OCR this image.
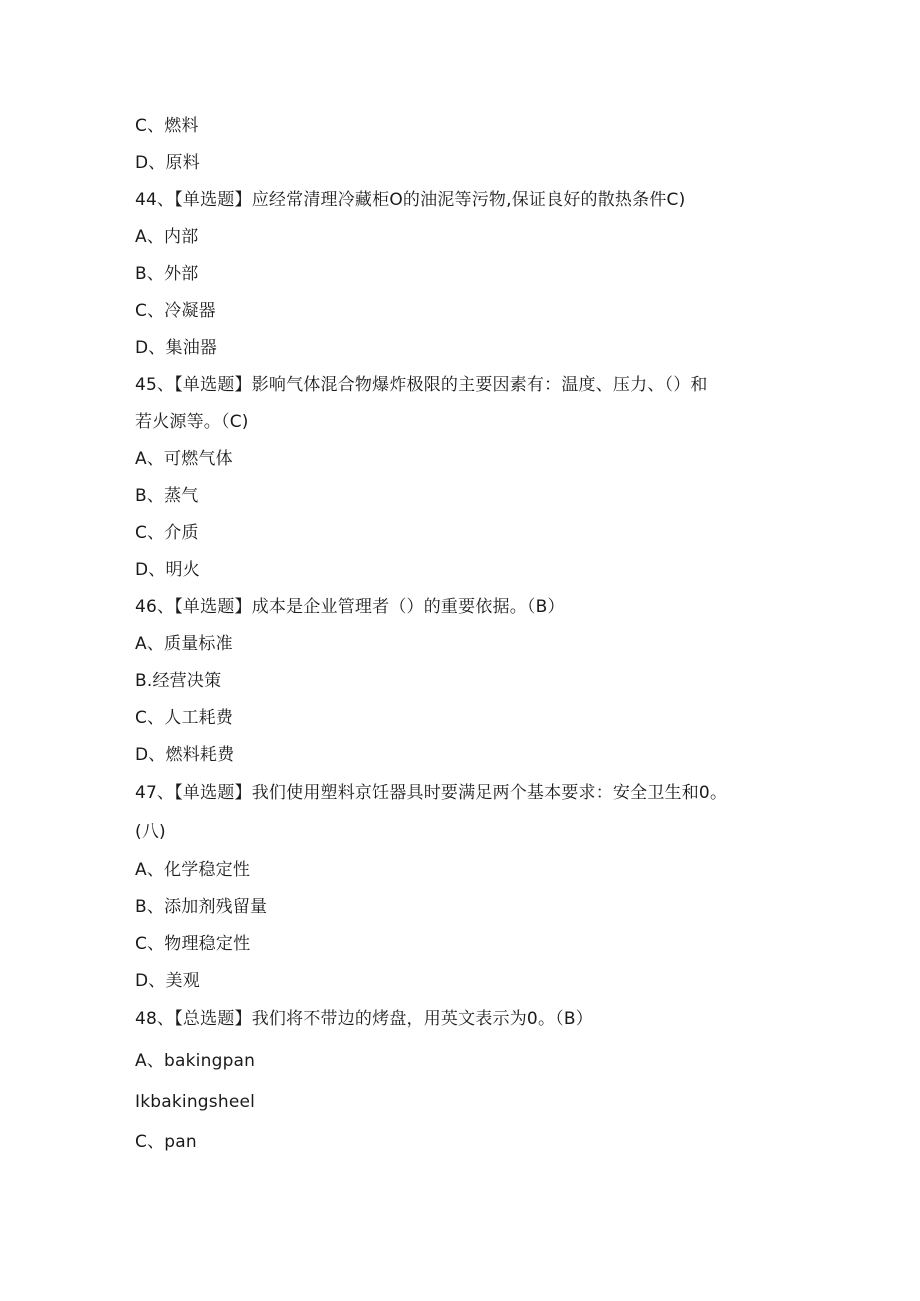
C、燃料
D、原料
44、【单选题】应经常清理冷藏柜O的油泥等污物,保证良好的散热条件C)
A、内部
B、外部
C、冷凝器
D、集油器
45、【单选题】影响气体混合物爆炸极限的主要因素有：温度、压力、（）和
若火源等。（C)
A、可燃气体
B、蒸气
C、介质
D、明火
46、【单选题】成本是企业管理者（）的重要依据。（B）
A、质量标准
B.经营决策
C、人工耗费
D、燃料耗费
47、【单选题】我们使用塑料京饪器具时要满足两个基本要求：安全卫生和0。
(八)
A、化学稳定性
B、添加剂残留量
C、物理稳定性
D、美观
48、【总选题】我们将不带边的烤盘，用英文表示为0。（B）
A、bakingpan
Ikbakingsheel
C、pan
